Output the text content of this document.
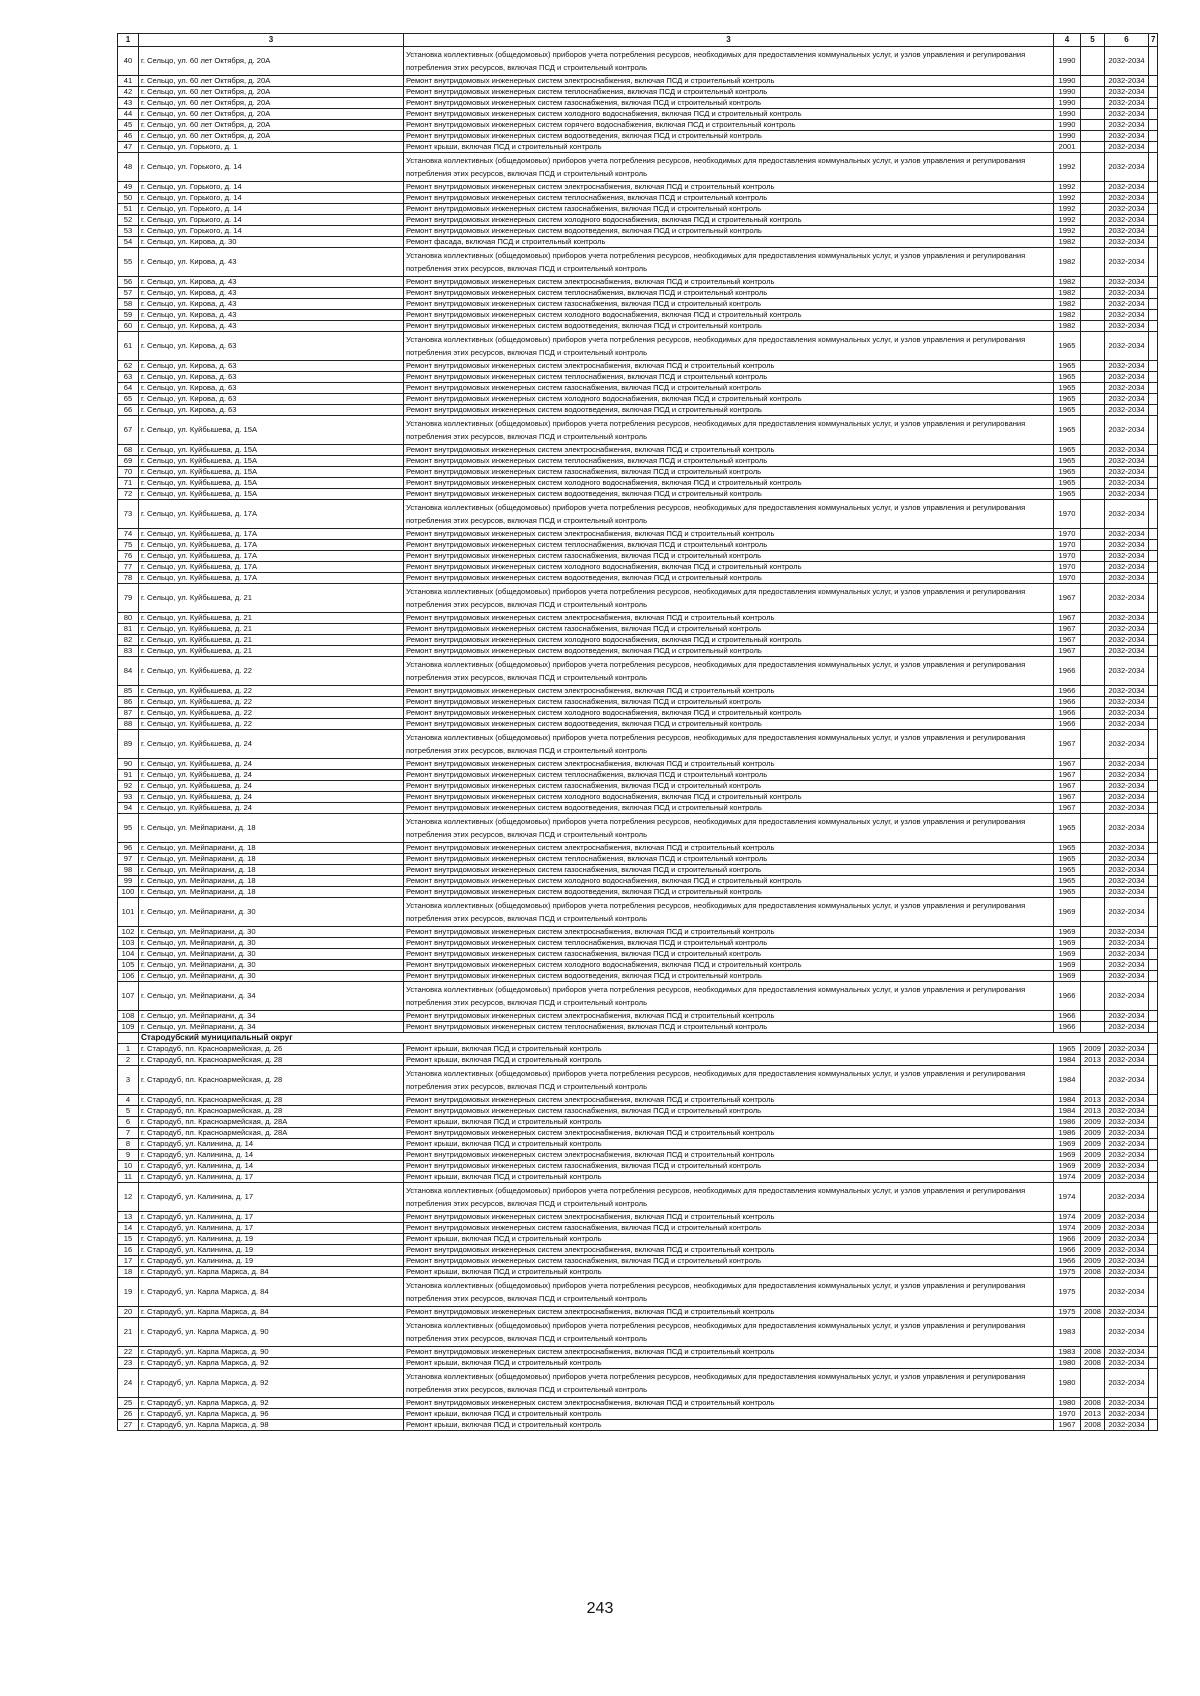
1	3	3	4	5	6	7
40	г. Сельцо, ул. 60 лет Октября, д. 20А	Установка коллективных (общедомовых) приборов учета потребления ресурсов, необходимых для предоставления коммунальных услуг, и узлов управления и регулирования потребления этих ресурсов, включая ПСД и строительный контроль	1990		2032-2034	
41	г. Сельцо, ул. 60 лет Октября, д. 20А	Ремонт внутридомовых инженерных систем электроснабжения, включая ПСД и строительный контроль	1990		2032-2034	
42	г. Сельцо, ул. 60 лет Октября, д. 20А	Ремонт внутридомовых инженерных систем теплоснабжения, включая ПСД и строительный контроль	1990		2032-2034	
43	г. Сельцо, ул. 60 лет Октября, д. 20А	Ремонт внутридомовых инженерных систем газоснабжения, включая ПСД и строительный контроль	1990		2032-2034	
44	г. Сельцо, ул. 60 лет Октября, д. 20А	Ремонт внутридомовых инженерных систем холодного водоснабжения, включая ПСД и строительный контроль	1990		2032-2034	
45	г. Сельцо, ул. 60 лет Октября, д. 20А	Ремонт внутридомовых инженерных систем горячего водоснабжения, включая ПСД и строительный контроль	1990		2032-2034	
46	г. Сельцо, ул. 60 лет Октября, д. 20А	Ремонт внутридомовых инженерных систем водоотведения, включая ПСД и строительный контроль	1990		2032-2034	
47	г. Сельцо, ул. Горького, д. 1	Ремонт крыши, включая ПСД и строительный контроль	2001		2032-2034	
48	г. Сельцо, ул. Горького, д. 14	Установка коллективных (общедомовых) приборов учета потребления ресурсов, необходимых для предоставления коммунальных услуг, и узлов управления и регулирования потребления этих ресурсов, включая ПСД и строительный контроль	1992		2032-2034	
49	г. Сельцо, ул. Горького, д. 14	Ремонт внутридомовых инженерных систем электроснабжения, включая ПСД и строительный контроль	1992		2032-2034	
50	г. Сельцо, ул. Горького, д. 14	Ремонт внутридомовых инженерных систем теплоснабжения, включая ПСД и строительный контроль	1992		2032-2034	
51	г. Сельцо, ул. Горького, д. 14	Ремонт внутридомовых инженерных систем газоснабжения, включая ПСД и строительный контроль	1992		2032-2034	
52	г. Сельцо, ул. Горького, д. 14	Ремонт внутридомовых инженерных систем холодного водоснабжения, включая ПСД и строительный контроль	1992		2032-2034	
53	г. Сельцо, ул. Горького, д. 14	Ремонт внутридомовых инженерных систем водоотведения, включая ПСД и строительный контроль	1992		2032-2034	
54	г. Сельцо, ул. Кирова, д. 30	Ремонт фасада, включая ПСД и строительный контроль	1982		2032-2034	
55	г. Сельцо, ул. Кирова, д. 43	Установка коллективных (общедомовых) приборов учета потребления ресурсов, необходимых для предоставления коммунальных услуг, и узлов управления и регулирования потребления этих ресурсов, включая ПСД и строительный контроль	1982		2032-2034	
56	г. Сельцо, ул. Кирова, д. 43	Ремонт внутридомовых инженерных систем электроснабжения, включая ПСД и строительный контроль	1982		2032-2034	
57	г. Сельцо, ул. Кирова, д. 43	Ремонт внутридомовых инженерных систем теплоснабжения, включая ПСД и строительный контроль	1982		2032-2034	
58	г. Сельцо, ул. Кирова, д. 43	Ремонт внутридомовых инженерных систем газоснабжения, включая ПСД и строительный контроль	1982		2032-2034	
59	г. Сельцо, ул. Кирова, д. 43	Ремонт внутридомовых инженерных систем холодного водоснабжения, включая ПСД и строительный контроль	1982		2032-2034	
60	г. Сельцо, ул. Кирова, д. 43	Ремонт внутридомовых инженерных систем водоотведения, включая ПСД и строительный контроль	1982		2032-2034	
61	г. Сельцо, ул. Кирова, д. 63	Установка коллективных (общедомовых) приборов учета потребления ресурсов, необходимых для предоставления коммунальных услуг, и узлов управления и регулирования потребления этих ресурсов, включая ПСД и строительный контроль	1965		2032-2034	
62	г. Сельцо, ул. Кирова, д. 63	Ремонт внутридомовых инженерных систем электроснабжения, включая ПСД и строительный контроль	1965		2032-2034	
63	г. Сельцо, ул. Кирова, д. 63	Ремонт внутридомовых инженерных систем теплоснабжения, включая ПСД и строительный контроль	1965		2032-2034	
64	г. Сельцо, ул. Кирова, д. 63	Ремонт внутридомовых инженерных систем газоснабжения, включая ПСД и строительный контроль	1965		2032-2034	
65	г. Сельцо, ул. Кирова, д. 63	Ремонт внутридомовых инженерных систем холодного водоснабжения, включая ПСД и строительный контроль	1965		2032-2034	
66	г. Сельцо, ул. Кирова, д. 63	Ремонт внутридомовых инженерных систем водоотведения, включая ПСД и строительный контроль	1965		2032-2034	
67	г. Сельцо, ул. Куйбышева, д. 15А	Установка коллективных (общедомовых) приборов учета потребления ресурсов, необходимых для предоставления коммунальных услуг, и узлов управления и регулирования потребления этих ресурсов, включая ПСД и строительный контроль	1965		2032-2034	
68	г. Сельцо, ул. Куйбышева, д. 15А	Ремонт внутридомовых инженерных систем электроснабжения, включая ПСД и строительный контроль	1965		2032-2034	
69	г. Сельцо, ул. Куйбышева, д. 15А	Ремонт внутридомовых инженерных систем теплоснабжения, включая ПСД и строительный контроль	1965		2032-2034	
70	г. Сельцо, ул. Куйбышева, д. 15А	Ремонт внутридомовых инженерных систем газоснабжения, включая ПСД и строительный контроль	1965		2032-2034	
71	г. Сельцо, ул. Куйбышева, д. 15А	Ремонт внутридомовых инженерных систем холодного водоснабжения, включая ПСД и строительный контроль	1965		2032-2034	
72	г. Сельцо, ул. Куйбышева, д. 15А	Ремонт внутридомовых инженерных систем водоотведения, включая ПСД и строительный контроль	1965		2032-2034	
73	г. Сельцо, ул. Куйбышева, д. 17А	Установка коллективных (общедомовых) приборов учета потребления ресурсов, необходимых для предоставления коммунальных услуг, и узлов управления и регулирования потребления этих ресурсов, включая ПСД и строительный контроль	1970		2032-2034	
74	г. Сельцо, ул. Куйбышева, д. 17А	Ремонт внутридомовых инженерных систем электроснабжения, включая ПСД и строительный контроль	1970		2032-2034	
75	г. Сельцо, ул. Куйбышева, д. 17А	Ремонт внутридомовых инженерных систем теплоснабжения, включая ПСД и строительный контроль	1970		2032-2034	
76	г. Сельцо, ул. Куйбышева, д. 17А	Ремонт внутридомовых инженерных систем газоснабжения, включая ПСД и строительный контроль	1970		2032-2034	
77	г. Сельцо, ул. Куйбышева, д. 17А	Ремонт внутридомовых инженерных систем холодного водоснабжения, включая ПСД и строительный контроль	1970		2032-2034	
78	г. Сельцо, ул. Куйбышева, д. 17А	Ремонт внутридомовых инженерных систем водоотведения, включая ПСД и строительный контроль	1970		2032-2034	
79	г. Сельцо, ул. Куйбышева, д. 21	Установка коллективных (общедомовых) приборов учета потребления ресурсов, необходимых для предоставления коммунальных услуг, и узлов управления и регулирования потребления этих ресурсов, включая ПСД и строительный контроль	1967		2032-2034	
80	г. Сельцо, ул. Куйбышева, д. 21	Ремонт внутридомовых инженерных систем электроснабжения, включая ПСД и строительный контроль	1967		2032-2034	
81	г. Сельцо, ул. Куйбышева, д. 21	Ремонт внутридомовых инженерных систем газоснабжения, включая ПСД и строительный контроль	1967		2032-2034	
82	г. Сельцо, ул. Куйбышева, д. 21	Ремонт внутридомовых инженерных систем холодного водоснабжения, включая ПСД и строительный контроль	1967		2032-2034	
83	г. Сельцо, ул. Куйбышева, д. 21	Ремонт внутридомовых инженерных систем водоотведения, включая ПСД и строительный контроль	1967		2032-2034	
84	г. Сельцо, ул. Куйбышева, д. 22	Установка коллективных (общедомовых) приборов учета потребления ресурсов, необходимых для предоставления коммунальных услуг, и узлов управления и регулирования потребления этих ресурсов, включая ПСД и строительный контроль	1966		2032-2034	
85	г. Сельцо, ул. Куйбышева, д. 22	Ремонт внутридомовых инженерных систем электроснабжения, включая ПСД и строительный контроль	1966		2032-2034	
86	г. Сельцо, ул. Куйбышева, д. 22	Ремонт внутридомовых инженерных систем газоснабжения, включая ПСД и строительный контроль	1966		2032-2034	
87	г. Сельцо, ул. Куйбышева, д. 22	Ремонт внутридомовых инженерных систем холодного водоснабжения, включая ПСД и строительный контроль	1966		2032-2034	
88	г. Сельцо, ул. Куйбышева, д. 22	Ремонт внутридомовых инженерных систем водоотведения, включая ПСД и строительный контроль	1966		2032-2034	
89	г. Сельцо, ул. Куйбышева, д. 24	Установка коллективных (общедомовых) приборов учета потребления ресурсов, необходимых для предоставления коммунальных услуг, и узлов управления и регулирования потребления этих ресурсов, включая ПСД и строительный контроль	1967		2032-2034	
90	г. Сельцо, ул. Куйбышева, д. 24	Ремонт внутридомовых инженерных систем электроснабжения, включая ПСД и строительный контроль	1967		2032-2034	
91	г. Сельцо, ул. Куйбышева, д. 24	Ремонт внутридомовых инженерных систем теплоснабжения, включая ПСД и строительный контроль	1967		2032-2034	
92	г. Сельцо, ул. Куйбышева, д. 24	Ремонт внутридомовых инженерных систем газоснабжения, включая ПСД и строительный контроль	1967		2032-2034	
93	г. Сельцо, ул. Куйбышева, д. 24	Ремонт внутридомовых инженерных систем холодного водоснабжения, включая ПСД и строительный контроль	1967		2032-2034	
94	г. Сельцо, ул. Куйбышева, д. 24	Ремонт внутридомовых инженерных систем водоотведения, включая ПСД и строительный контроль	1967		2032-2034	
95	г. Сельцо, ул. Мейпариани, д. 18	Установка коллективных (общедомовых) приборов учета потребления ресурсов, необходимых для предоставления коммунальных услуг, и узлов управления и регулирования потребления этих ресурсов, включая ПСД и строительный контроль	1965		2032-2034	
96	г. Сельцо, ул. Мейпариани, д. 18	Ремонт внутридомовых инженерных систем электроснабжения, включая ПСД и строительный контроль	1965		2032-2034	
97	г. Сельцо, ул. Мейпариани, д. 18	Ремонт внутридомовых инженерных систем теплоснабжения, включая ПСД и строительный контроль	1965		2032-2034	
98	г. Сельцо, ул. Мейпариани, д. 18	Ремонт внутридомовых инженерных систем газоснабжения, включая ПСД и строительный контроль	1965		2032-2034	
99	г. Сельцо, ул. Мейпариани, д. 18	Ремонт внутридомовых инженерных систем холодного водоснабжения, включая ПСД и строительный контроль	1965		2032-2034	
100	г. Сельцо, ул. Мейпариани, д. 18	Ремонт внутридомовых инженерных систем водоотведения, включая ПСД и строительный контроль	1965		2032-2034	
101	г. Сельцо, ул. Мейпариани, д. 30	Установка коллективных (общедомовых) приборов учета потребления ресурсов, необходимых для предоставления коммунальных услуг, и узлов управления и регулирования потребления этих ресурсов, включая ПСД и строительный контроль	1969		2032-2034	
102	г. Сельцо, ул. Мейпариани, д. 30	Ремонт внутридомовых инженерных систем электроснабжения, включая ПСД и строительный контроль	1969		2032-2034	
103	г. Сельцо, ул. Мейпариани, д. 30	Ремонт внутридомовых инженерных систем теплоснабжения, включая ПСД и строительный контроль	1969		2032-2034	
104	г. Сельцо, ул. Мейпариани, д. 30	Ремонт внутридомовых инженерных систем газоснабжения, включая ПСД и строительный контроль	1969		2032-2034	
105	г. Сельцо, ул. Мейпариани, д. 30	Ремонт внутридомовых инженерных систем холодного водоснабжения, включая ПСД и строительный контроль	1969		2032-2034	
106	г. Сельцо, ул. Мейпариани, д. 30	Ремонт внутридомовых инженерных систем водоотведения, включая ПСД и строительный контроль	1969		2032-2034	
107	г. Сельцо, ул. Мейпариани, д. 34	Установка коллективных (общедомовых) приборов учета потребления ресурсов, необходимых для предоставления коммунальных услуг, и узлов управления и регулирования потребления этих ресурсов, включая ПСД и строительный контроль	1966		2032-2034	
108	г. Сельцо, ул. Мейпариани, д. 34	Ремонт внутридомовых инженерных систем электроснабжения, включая ПСД и строительный контроль	1966		2032-2034	
109	г. Сельцо, ул. Мейпариани, д. 34	Ремонт внутридомовых инженерных систем теплоснабжения, включая ПСД и строительный контроль	1966		2032-2034	
	Стародубский муниципальный округ					
1	г. Стародуб, пл. Красноармейская, д. 26	Ремонт крыши, включая ПСД и строительный контроль	1965	2009	2032-2034	
2	г. Стародуб, пл. Красноармейская, д. 28	Ремонт крыши, включая ПСД и строительный контроль	1984	2013	2032-2034	
3	г. Стародуб, пл. Красноармейская, д. 28	Установка коллективных (общедомовых) приборов учета потребления ресурсов, необходимых для предоставления коммунальных услуг, и узлов управления и регулирования потребления этих ресурсов, включая ПСД и строительный контроль	1984		2032-2034	
4	г. Стародуб, пл. Красноармейская, д. 28	Ремонт внутридомовых инженерных систем электроснабжения, включая ПСД и строительный контроль	1984	2013	2032-2034	
5	г. Стародуб, пл. Красноармейская, д. 28	Ремонт внутридомовых инженерных систем газоснабжения, включая ПСД и строительный контроль	1984	2013	2032-2034	
6	г. Стародуб, пл. Красноармейская, д. 28А	Ремонт крыши, включая ПСД и строительный контроль	1986	2009	2032-2034	
7	г. Стародуб, пл. Красноармейская, д. 28А	Ремонт внутридомовых инженерных систем электроснабжения, включая ПСД и строительный контроль	1986	2009	2032-2034	
8	г. Стародуб, ул. Калинина, д. 14	Ремонт крыши, включая ПСД и строительный контроль	1969	2009	2032-2034	
9	г. Стародуб, ул. Калинина, д. 14	Ремонт внутридомовых инженерных систем электроснабжения, включая ПСД и строительный контроль	1969	2009	2032-2034	
10	г. Стародуб, ул. Калинина, д. 14	Ремонт внутридомовых инженерных систем газоснабжения, включая ПСД и строительный контроль	1969	2009	2032-2034	
11	г. Стародуб, ул. Калинина, д. 17	Ремонт крыши, включая ПСД и строительный контроль	1974	2009	2032-2034	
12	г. Стародуб, ул. Калинина, д. 17	Установка коллективных (общедомовых) приборов учета потребления ресурсов, необходимых для предоставления коммунальных услуг, и узлов управления и регулирования потребления этих ресурсов, включая ПСД и строительный контроль	1974		2032-2034	
13	г. Стародуб, ул. Калинина, д. 17	Ремонт внутридомовых инженерных систем электроснабжения, включая ПСД и строительный контроль	1974	2009	2032-2034	
14	г. Стародуб, ул. Калинина, д. 17	Ремонт внутридомовых инженерных систем газоснабжения, включая ПСД и строительный контроль	1974	2009	2032-2034	
15	г. Стародуб, ул. Калинина, д. 19	Ремонт крыши, включая ПСД и строительный контроль	1966	2009	2032-2034	
16	г. Стародуб, ул. Калинина, д. 19	Ремонт внутридомовых инженерных систем электроснабжения, включая ПСД и строительный контроль	1966	2009	2032-2034	
17	г. Стародуб, ул. Калинина, д. 19	Ремонт внутридомовых инженерных систем газоснабжения, включая ПСД и строительный контроль	1966	2009	2032-2034	
18	г. Стародуб, ул. Карла Маркса, д. 84	Ремонт крыши, включая ПСД и строительный контроль	1975	2008	2032-2034	
19	г. Стародуб, ул. Карла Маркса, д. 84	Установка коллективных (общедомовых) приборов учета потребления ресурсов, необходимых для предоставления коммунальных услуг, и узлов управления и регулирования потребления этих ресурсов, включая ПСД и строительный контроль	1975		2032-2034	
20	г. Стародуб, ул. Карла Маркса, д. 84	Ремонт внутридомовых инженерных систем электроснабжения, включая ПСД и строительный контроль	1975	2008	2032-2034	
21	г. Стародуб, ул. Карла Маркса, д. 90	Установка коллективных (общедомовых) приборов учета потребления ресурсов, необходимых для предоставления коммунальных услуг, и узлов управления и регулирования потребления этих ресурсов, включая ПСД и строительный контроль	1983		2032-2034	
22	г. Стародуб, ул. Карла Маркса, д. 90	Ремонт внутридомовых инженерных систем электроснабжения, включая ПСД и строительный контроль	1983	2008	2032-2034	
23	г. Стародуб, ул. Карла Маркса, д. 92	Ремонт крыши, включая ПСД и строительный контроль	1980	2008	2032-2034	
24	г. Стародуб, ул. Карла Маркса, д. 92	Установка коллективных (общедомовых) приборов учета потребления ресурсов, необходимых для предоставления коммунальных услуг, и узлов управления и регулирования потребления этих ресурсов, включая ПСД и строительный контроль	1980		2032-2034	
25	г. Стародуб, ул. Карла Маркса, д. 92	Ремонт внутридомовых инженерных систем электроснабжения, включая ПСД и строительный контроль	1980	2008	2032-2034	
26	г. Стародуб, ул. Карла Маркса, д. 96	Ремонт крыши, включая ПСД и строительный контроль	1970	2013	2032-2034	
27	г. Стародуб, ул. Карла Маркса, д. 98	Ремонт крыши, включая ПСД и строительный контроль	1967	2008	2032-2034	
243
